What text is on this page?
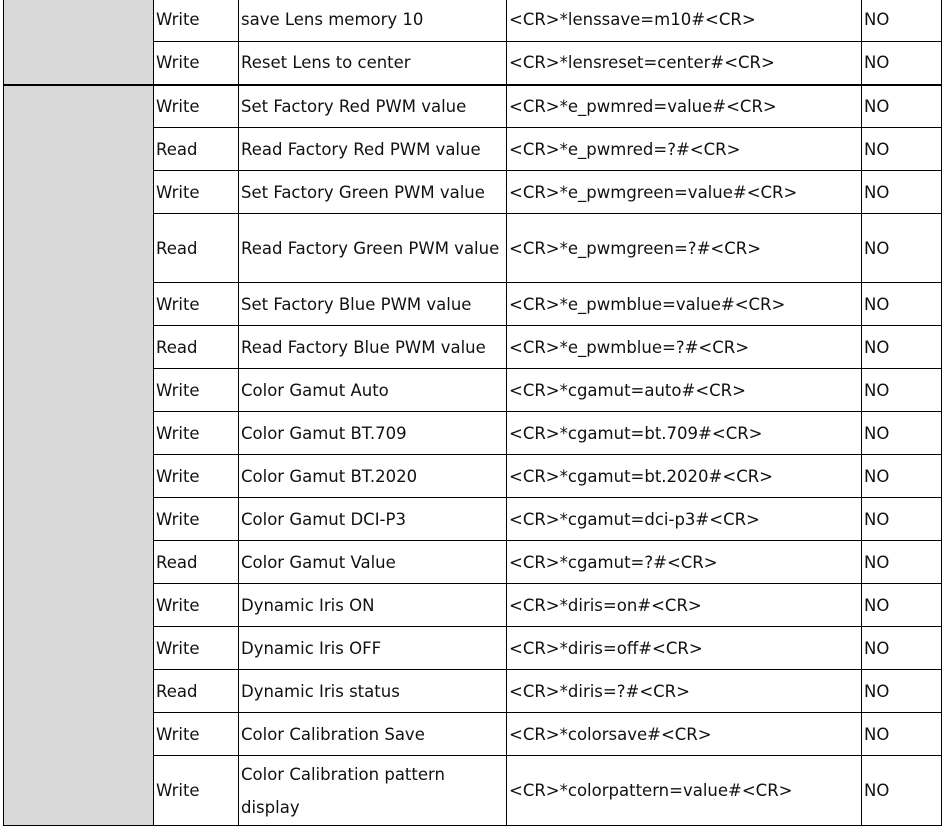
	Write	save Lens memory 10	<CR>*lenssave=m10#<CR>	NO
	Write	Reset Lens to center	<CR>*lensreset=center#<CR>	NO
	Write	Set Factory Red PWM value	<CR>*e_pwmred=value#<CR>	NO
	Read	Read Factory Red PWM value	<CR>*e_pwmred=?#<CR>	NO
	Write	Set Factory Green PWM value	<CR>*e_pwmgreen=value#<CR>	NO
	Read	Read Factory Green PWM value	<CR>*e_pwmgreen=?#<CR>	NO
	Write	Set Factory Blue PWM value	<CR>*e_pwmblue=value#<CR>	NO
	Read	Read Factory Blue PWM value	<CR>*e_pwmblue=?#<CR>	NO
	Write	Color Gamut Auto	<CR>*cgamut=auto#<CR>	NO
	Write	Color Gamut BT.709	<CR>*cgamut=bt.709#<CR>	NO
	Write	Color Gamut BT.2020	<CR>*cgamut=bt.2020#<CR>	NO
	Write	Color Gamut DCI-P3	<CR>*cgamut=dci-p3#<CR>	NO
	Read	Color Gamut Value	<CR>*cgamut=?#<CR>	NO
	Write	Dynamic Iris ON	<CR>*diris=on#<CR>	NO
	Write	Dynamic Iris OFF	<CR>*diris=off#<CR>	NO
	Read	Dynamic Iris status	<CR>*diris=?#<CR>	NO
	Write	Color Calibration Save	<CR>*colorsave#<CR>	NO
	Write	Color Calibration pattern display	<CR>*colorpattern=value#<CR>	NO
